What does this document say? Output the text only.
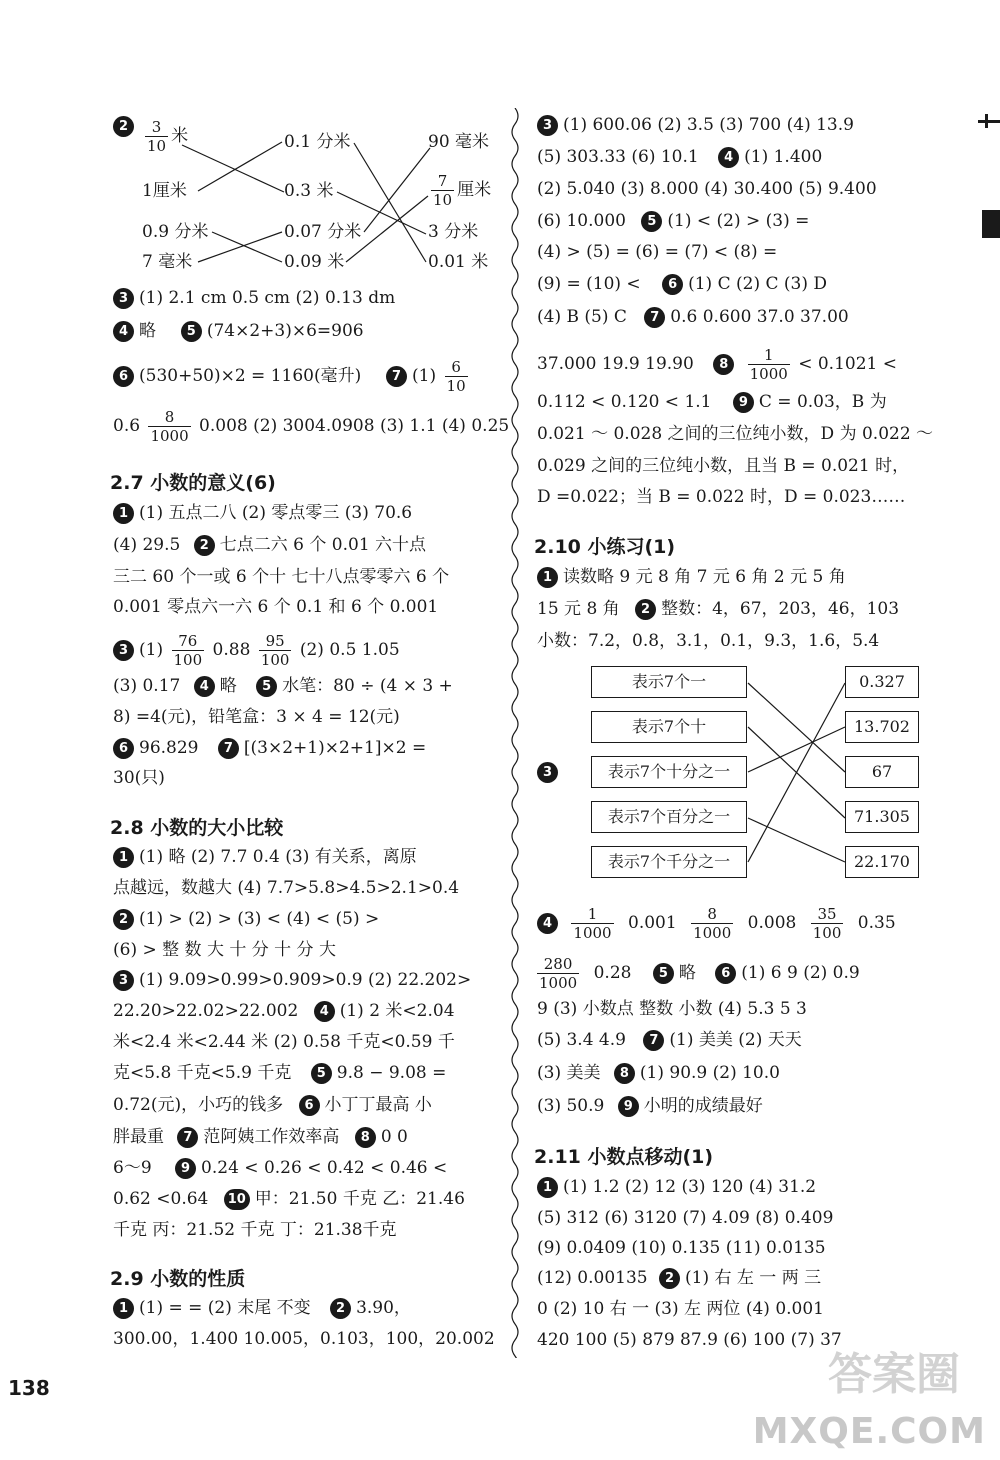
2	$\frac{3}{10}$ 米
1厘米
0.9 分米
7 毫米
0.1 分米
0.3 米
0.07 分米
0.09 米
90 毫米
$\frac{7}{10}$ 厘米
3 分米
0.01 米
3 (1) 2.1 cm 0.5 cm (2) 0.13 dm
4 略 5 (74×2+3)×6=906
6 (530+50)×2 = 1160(毫升) 7 $(1) \frac{6}{10}$
$0.6 \frac{8}{1000} 0.008$ (2) 3004.0908 (3) 1.1 (4) 0.25
2.7 小数的意义(6)
1 (1) 五点二八 (2) 零点零三 (3) 70.6
(4) 29.5 2 七点二六 6 个 0.01 六十点
三二 60 个一或 6 个十 七十八点零零六 6 个
0.001 零点六一六 6 个 0.1 和 6 个 0.001
3 $(1) \frac{76}{100} 0.88 \frac{95}{100} (2)$ 0.5 1.05
(3) 0.17 4 略 5 水笔：80 ÷ (4 × 3 +
8) =4(元)，铅笔盒：3 × 4 = 12(元)
6 96.829 7 [(3×2+1)×2+1]×2 =
30(只)
2.8 小数的大小比较
1 (1) 略 (2) 7.7 0.4 (3) 有关系，离原
点越远，数越大 (4) 7.7>5.8>4.5>2.1>0.4
2 (1) > (2) > (3) < (4) < (5) >
(6) > 整 数 大 十 分 十 分 大
3 (1) 9.09>0.99>0.909>0.9 (2) 22.202>
22.20>22.02>22.002 4 (1) 2 米<2.04
米<2.4 米<2.44 米 (2) 0.58 千克<0.59 千
克<5.8 千克<5.9 千克 5 9.8 − 9.08 =
0.72(元)，小巧的钱多 6 小丁丁最高 小
胖最重 7 范阿姨工作效率高 8 0 0
6～9 9 0.24 < 0.26 < 0.42 < 0.46 <
0.62 <0.64 10 甲：21.50 千克 乙：21.46
千克 丙：21.52 千克 丁：21.38千克
2.9 小数的性质
1 (1) = = (2) 末尾 不变 2 3.90，
300.00，1.400 10.005，0.103，100，20.002
3 (1) 600.06 (2) 3.5 (3) 700 (4) 13.9
(5) 303.33 (6) 10.1 4 (1) 1.400
(2) 5.040 (3) 8.000 (4) 30.400 (5) 9.400
(6) 10.000 5 (1) < (2) > (3) =
(4) > (5) = (6) = (7) < (8) =
(9) = (10) < 6 (1) C (2) C (3) D
(4) B (5) C 7 0.6 0.600 37.0 37.00
37.000 19.9 19.90 $8 \frac{1}{1000} < 0.1021$ <
0.112 < 0.120 < 1.1 9 C = 0.03，B 为
0.021 ～ 0.028 之间的三位纯小数，D 为 0.022 ～
0.029 之间的三位纯小数，且当 B = 0.021 时，
D =0.022；当 B = 0.022 时，D = 0.023……
2.10 小练习(1)
1 读数略 9 元 8 角 7 元 6 角 2 元 5 角
15 元 8 角 2 整数：4，67，203，46，103
小数：7.2，0.8，3.1，0.1，9.3，1.6，5.4
3
表示7个一
表示7个十
表示7个十分之一
表示7个百分之一
表示7个千分之一
0.327
13.702
67
71.305
22.170
$4 \frac{1}{1000} 0.001 \frac{8}{1000} 0.008 \frac{35}{100} 0.35$
$\frac{280}{1000} 0.28$ 5 略 6 (1) 6 9 (2) 0.9
9 (3) 小数点 整数 小数 (4) 5.3 5 3
(5) 3.4 4.9 7 (1) 美美 (2) 天天
(3) 美美 8 (1) 90.9 (2) 10.0
(3) 50.9 9 小明的成绩最好
2.11 小数点移动(1)
1 (1) 1.2 (2) 12 (3) 120 (4) 31.2
(5) 312 (6) 3120 (7) 4.09 (8) 0.409
(9) 0.0409 (10) 0.135 (11) 0.0135
(12) 0.00135 2 (1) 右 左 一 两 三
0 (2) 10 右 一 (3) 左 两位 (4) 0.001
420 100 (5) 879 87.9 (6) 100 (7) 37
138	答案圈
MXQE.COM
